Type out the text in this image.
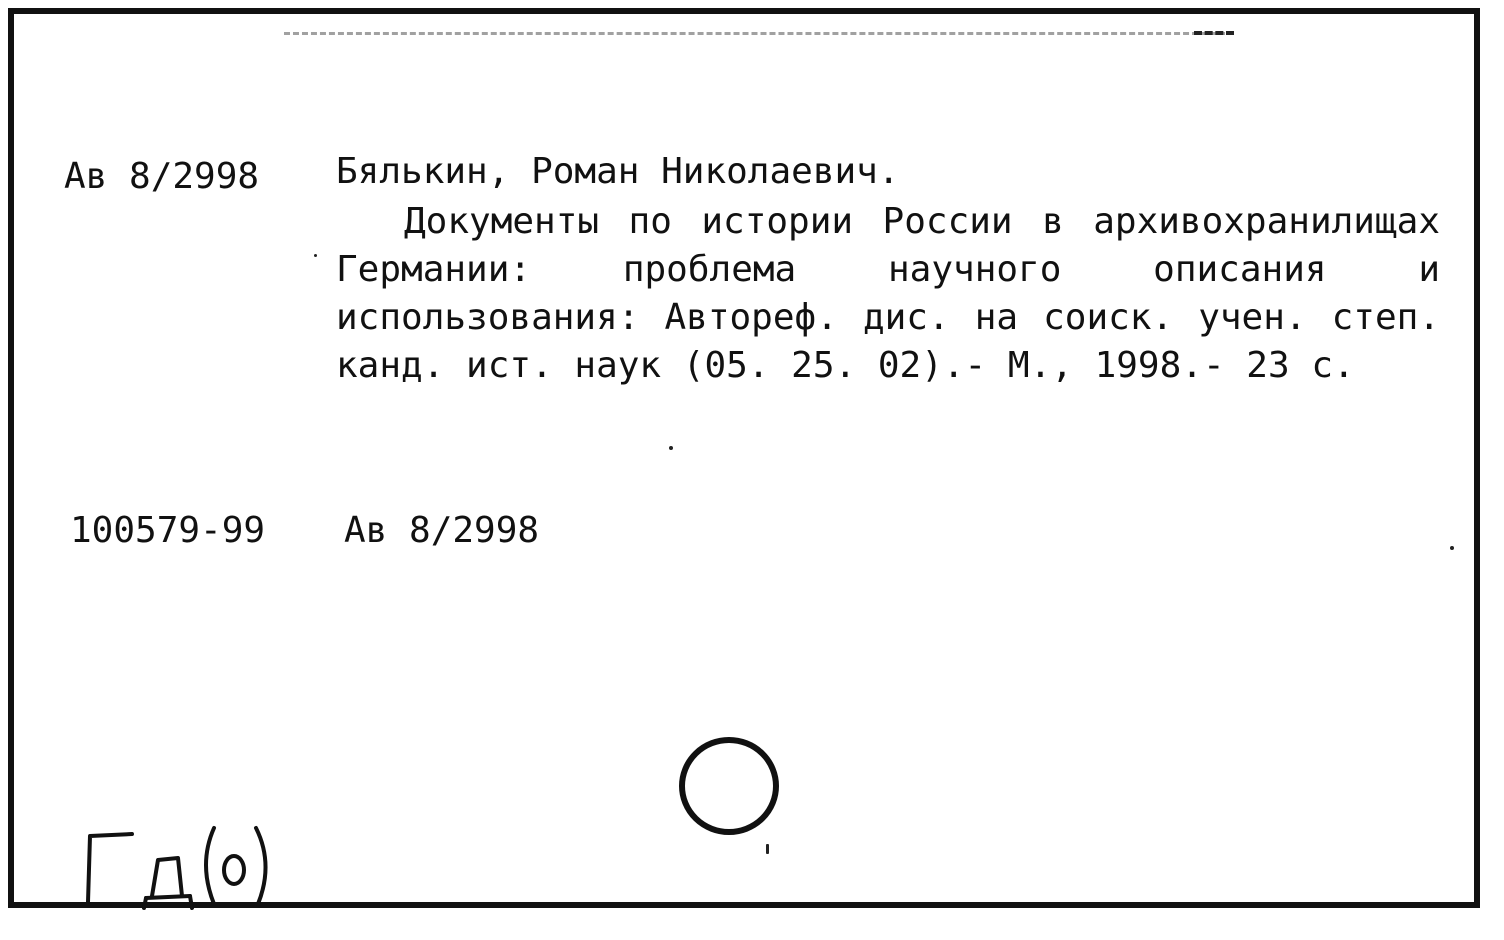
Ав 8/2998 Бялькин, Роман Николаевич.

Документы по истории России в архивохранилищах Германии: проблема научного описания и использования: Автореф. дис. на соиск. учен. степ. канд. ист. наук (05. 25. 02).- М., 1998.- 23 с.

100579-99 Ав 8/2998
